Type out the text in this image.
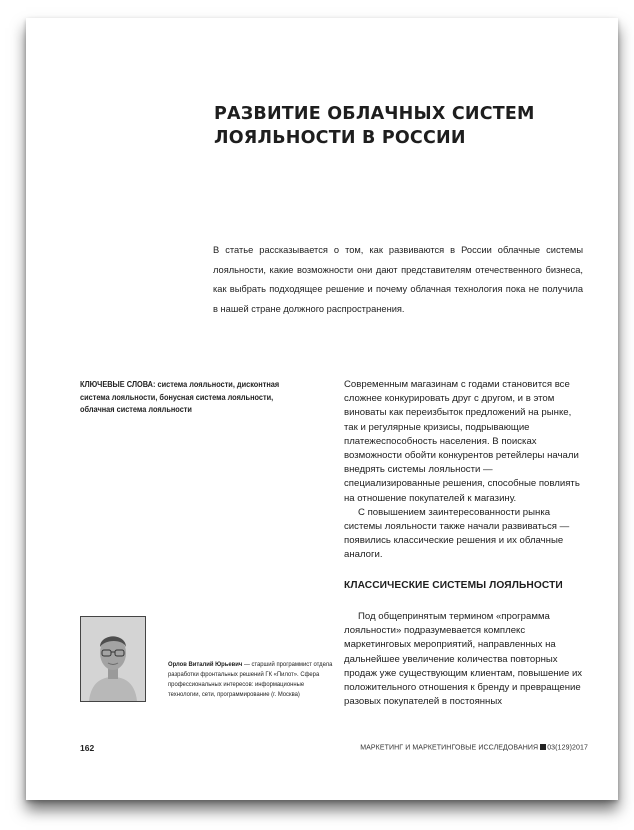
РАЗВИТИЕ ОБЛАЧНЫХ СИСТЕМ ЛОЯЛЬНОСТИ В РОССИИ

В статье рассказывается о том, как развиваются в России облачные системы лояльности, какие возможности они дают представителям отечественного бизнеса, как выбрать подходящее решение и почему облачная технология пока не получила в нашей стране должного распространения.

КЛЮЧЕВЫЕ СЛОВА: система лояльности, дисконтная система лояльности, бонусная система лояльности, облачная система лояльности

Современным магазинам с годами становится все сложнее конкурировать друг с другом, и в этом виноваты как переизбыток предложений на рынке, так и регулярные кризисы, подрывающие платежеспособность населения. В поисках возможности обойти конкурентов ретейлеры начали внедрять системы лояльности — специализированные решения, способные повлиять на отношение покупателей к магазину.

С повышением заинтересованности рынка системы лояльности также начали развиваться — появились классические решения и их облачные аналоги.

КЛАССИЧЕСКИЕ СИСТЕМЫ ЛОЯЛЬНОСТИ

Под общепринятым термином «программа лояльности» подразумевается комплекс маркетинговых мероприятий, направленных на дальнейшее увеличение количества повторных продаж уже существующим клиентам, повышение их положительного отношения к бренду и превращение разовых покупателей в постоянных

Орлов Виталий Юрьевич — старший программист отдела разработки фронтальных решений ГК «Пилот». Сфера профессиональных интересов: информационные технологии, сети, программирование (г. Москва)

162	МАРКЕТИНГ И МАРКЕТИНГОВЫЕ ИССЛЕДОВАНИЯ 03(129)2017
